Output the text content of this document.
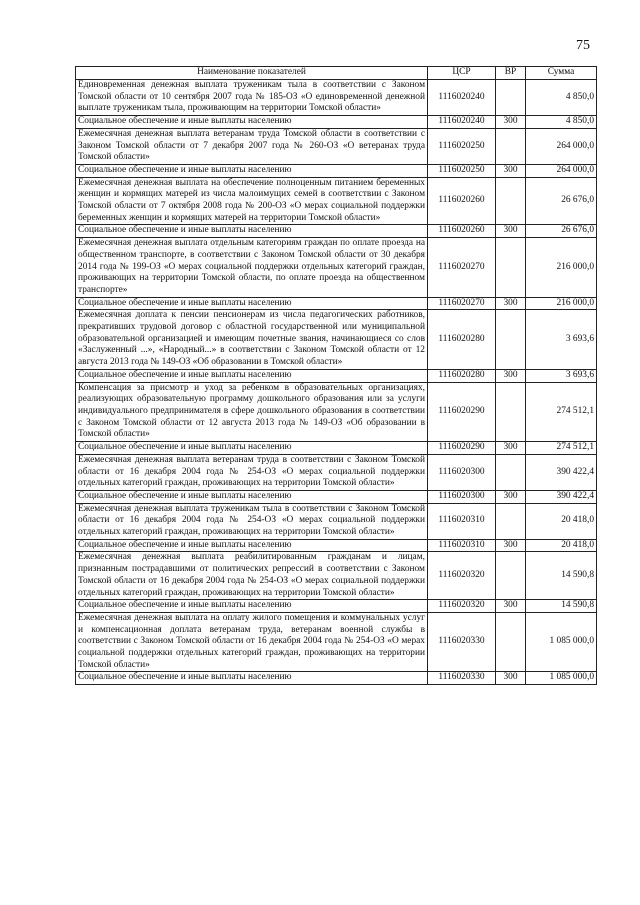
75
Наименование показателей	ЦСР	ВР	Сумма
Единовременная денежная выплата труженикам тыла в соответствии с Законом Томской области от 10 сентября 2007 года № 185-ОЗ «О единовременной денежной выплате труженикам тыла, проживающим на территории Томской области»	1116020240		4 850,0
Социальное обеспечение и иные выплаты населению	1116020240	300	4 850,0
Ежемесячная денежная выплата ветеранам труда Томской области в соответствии с Законом Томской области от 7 декабря 2007 года № 260-ОЗ «О ветеранах труда Томской области»	1116020250		264 000,0
Социальное обеспечение и иные выплаты населению	1116020250	300	264 000,0
Ежемесячная денежная выплата на обеспечение полноценным питанием беременных женщин и кормящих матерей из числа малоимущих семей в соответствии с Законом Томской области от 7 октября 2008 года № 200-ОЗ «О мерах социальной поддержки беременных женщин и кормящих матерей на территории Томской области»	1116020260		26 676,0
Социальное обеспечение и иные выплаты населению	1116020260	300	26 676,0
Ежемесячная денежная выплата отдельным категориям граждан по оплате проезда на общественном транспорте, в соответствии с Законом Томской области от 30 декабря 2014 года № 199-ОЗ «О мерах социальной поддержки отдельных категорий граждан, проживающих на территории Томской области, по оплате проезда на общественном транспорте»	1116020270		216 000,0
Социальное обеспечение и иные выплаты населению	1116020270	300	216 000,0
Ежемесячная доплата к пенсии пенсионерам из числа педагогических работников, прекративших трудовой договор с областной государственной или муниципальной образовательной организацией и имеющим почетные звания, начинающиеся со слов «Заслуженный ...», «Народный...» в соответствии с Законом Томской области от 12 августа 2013 года № 149-ОЗ «Об образовании в Томской области»	1116020280		3 693,6
Социальное обеспечение и иные выплаты населению	1116020280	300	3 693,6
Компенсация за присмотр и уход за ребенком в образовательных организациях, реализующих образовательную программу дошкольного образования или за услуги индивидуального предпринимателя в сфере дошкольного образования в соответствии с Законом Томской области от 12 августа 2013 года № 149-ОЗ «Об образовании в Томской области»	1116020290		274 512,1
Социальное обеспечение и иные выплаты населению	1116020290	300	274 512,1
Ежемесячная денежная выплата ветеранам труда в соответствии с Законом Томской области от 16 декабря 2004 года № 254-ОЗ «О мерах социальной поддержки отдельных категорий граждан, проживающих на территории Томской области»	1116020300		390 422,4
Социальное обеспечение и иные выплаты населению	1116020300	300	390 422,4
Ежемесячная денежная выплата труженикам тыла в соответствии с Законом Томской области от 16 декабря 2004 года № 254-ОЗ «О мерах социальной поддержки отдельных категорий граждан, проживающих на территории Томской области»	1116020310		20 418,0
Социальное обеспечение и иные выплаты населению	1116020310	300	20 418,0
Ежемесячная денежная выплата реабилитированным гражданам и лицам, признанным пострадавшими от политических репрессий в соответствии с Законом Томской области от 16 декабря 2004 года № 254-ОЗ «О мерах социальной поддержки отдельных категорий граждан, проживающих на территории Томской области»	1116020320		14 590,8
Социальное обеспечение и иные выплаты населению	1116020320	300	14 590,8
Ежемесячная денежная выплата на оплату жилого помещения и коммунальных услуг и компенсационная доплата ветеранам труда, ветеранам военной службы в соответствии с Законом Томской области от 16 декабря 2004 года № 254-ОЗ «О мерах социальной поддержки отдельных категорий граждан, проживающих на территории Томской области»	1116020330		1 085 000,0
Социальное обеспечение и иные выплаты населению	1116020330	300	1 085 000,0
